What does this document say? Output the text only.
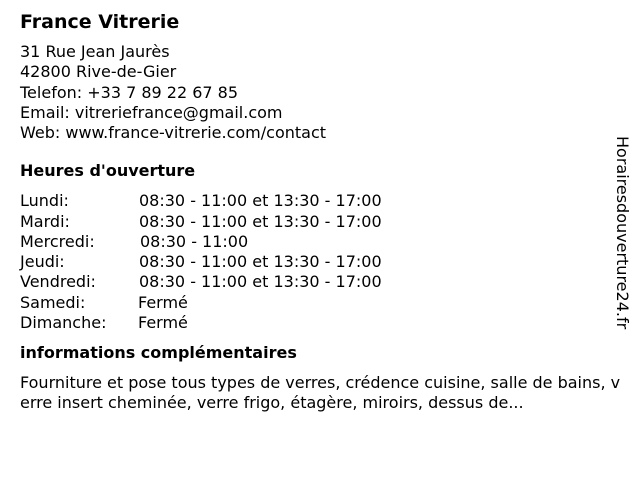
France Vitrerie
31 Rue Jean Jaurès
42800 Rive-de-Gier
Telefon: +33 7 89 22 67 85
Email: vitreriefrance@gmail.com
Web: www.france-vitrerie.com/contact
Heures d'ouverture
Lundi:	08:30 - 11:00 et 13:30 - 17:00
Mardi:	08:30 - 11:00 et 13:30 - 17:00
Mercredi:	08:30 - 11:00
Jeudi:	08:30 - 11:00 et 13:30 - 17:00
Vendredi:	08:30 - 11:00 et 13:30 - 17:00
Samedi:	Fermé
Dimanche:	Fermé
informations complémentaires
Fourniture et pose tous types de verres, crédence cuisine, salle de bains, verre insert cheminée, verre frigo, étagère, miroirs, dessus de...
Horairesdouverture24.fr
